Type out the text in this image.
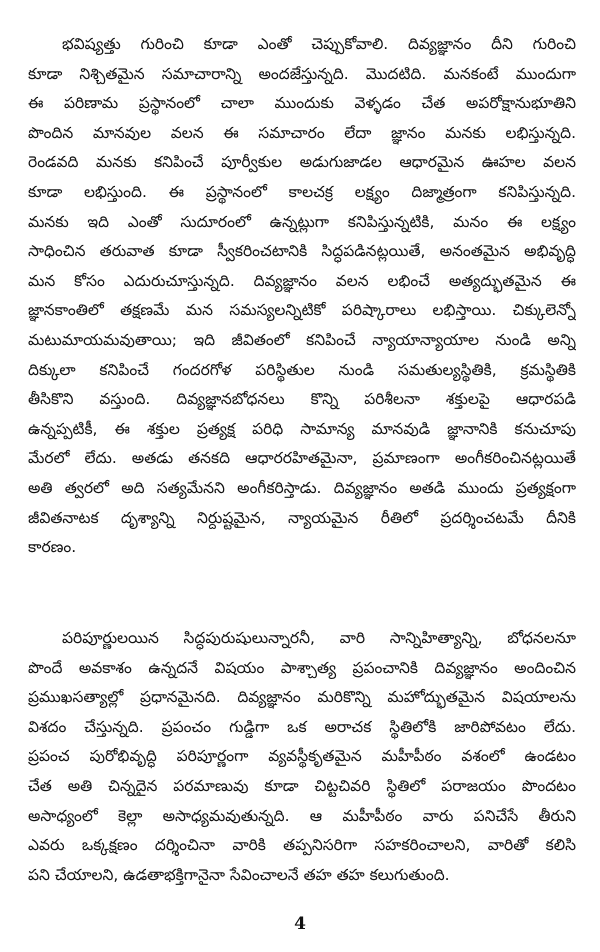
భవిష్యత్తు గురించి కూడా ఎంతో చెప్పుకోవాలి. దివ్యజ్ఞానం దీని గురించి
కూడా నిశ్చితమైన సమాచారాన్ని అందజేస్తున్నది. మొదటిది. మనకంటే ముందుగా
ఈ పరిణామ ప్రస్థానంలో చాలా ముందుకు వెళ్ళడం చేత అపరోక్షానుభూతిని
పొందిన మానవుల వలన ఈ సమాచారం లేదా జ్ఞానం మనకు లభిస్తున్నది.
రెండవది మనకు కనిపించే పూర్వీకుల అడుగుజాడల ఆధారమైన ఊహల వలన
కూడా లభిస్తుంది. ఈ ప్రస్థానంలో కాలచక్ర లక్ష్యం దిజ్మాత్రంగా కనిపిస్తున్నది.
మనకు ఇది ఎంతో సుదూరంలో ఉన్నట్లుగా కనిపిస్తున్నటికి, మనం ఈ లక్ష్యం
సాధించిన తరువాత కూడా స్వీకరించటానికి సిద్ధపడినట్లయితే, అనంతమైన అభివృద్ధి
మన కోసం ఎదురుచూస్తున్నది. దివ్యజ్ఞానం వలన లభించే అత్యద్భుతమైన ఈ
జ్ఞానకాంతిలో తక్షణమే మన సమస్యలన్నిటికో పరిష్కారాలు లభిస్తాయి. చిక్కులెన్నో
మటుమాయమవుతాయి; ఇది జీవితంలో కనిపించే న్యాయాన్యాయాల నుండి అన్ని
దిక్కులా కనిపించే గందరగోళ పరిస్థితుల నుండి సమతుల్యస్థితికి, క్రమస్థితికి
తీసికొని వస్తుంది. దివ్యజ్ఞానబోధనలు కొన్ని పరిశీలనా శక్తులపై ఆధారపడి
ఉన్నప్పటికీ, ఈ శక్తుల ప్రత్యక్ష పరిధి సామాన్య మానవుడి జ్ఞానానికి కనుచూపు
మేరలో లేదు. అతడు తనకది ఆధారరహితమైనా, ప్రమాణంగా అంగీకరించినట్లయితే
అతి త్వరలో అది సత్యమేనని అంగీకరిస్తాడు. దివ్యజ్ఞానం అతడి ముందు ప్రత్యక్షంగా
జీవితనాటక దృశ్యాన్ని నిర్దుష్టమైన, న్యాయమైన రీతిలో ప్రదర్శించటమే దీనికి
కారణం.
పరిపూర్ణులయిన సిద్ధపురుషులున్నారనీ, వారి సాన్నిహిత్యాన్ని, బోధనలనూ
పొందే అవకాశం ఉన్నదనే విషయం పాశ్చాత్య ప్రపంచానికి దివ్యజ్ఞానం అందించిన
ప్రముఖసత్యాల్లో ప్రధానమైనది. దివ్యజ్ఞానం మరికొన్ని మహోద్భుతమైన విషయాలను
విశదం చేస్తున్నది. ప్రపంచం గుడ్డిగా ఒక అరాచక స్థితిలోకి జారిపోవటం లేదు.
ప్రపంచ పురోభివృద్ధి పరిపూర్ణంగా వ్యవస్థీకృతమైన మహీపీఠం వశంలో ఉండటం
చేత అతి చిన్నదైన పరమాణువు కూడా చిట్టచివరి స్థితిలో పరాజయం పొందటం
అసాధ్యంలో కెల్లా అసాధ్యమవుతున్నది. ఆ మహీపీఠం వారు పనిచేసే తీరుని
ఎవరు ఒక్కక్షణం దర్శించినా వారికి తప్పనిసరిగా సహకరించాలని, వారితో కలిసి
పని చేయాలని, ఉడతాభక్తిగానైనా సేవించాలనే తహ తహ కలుగుతుంది.
4
